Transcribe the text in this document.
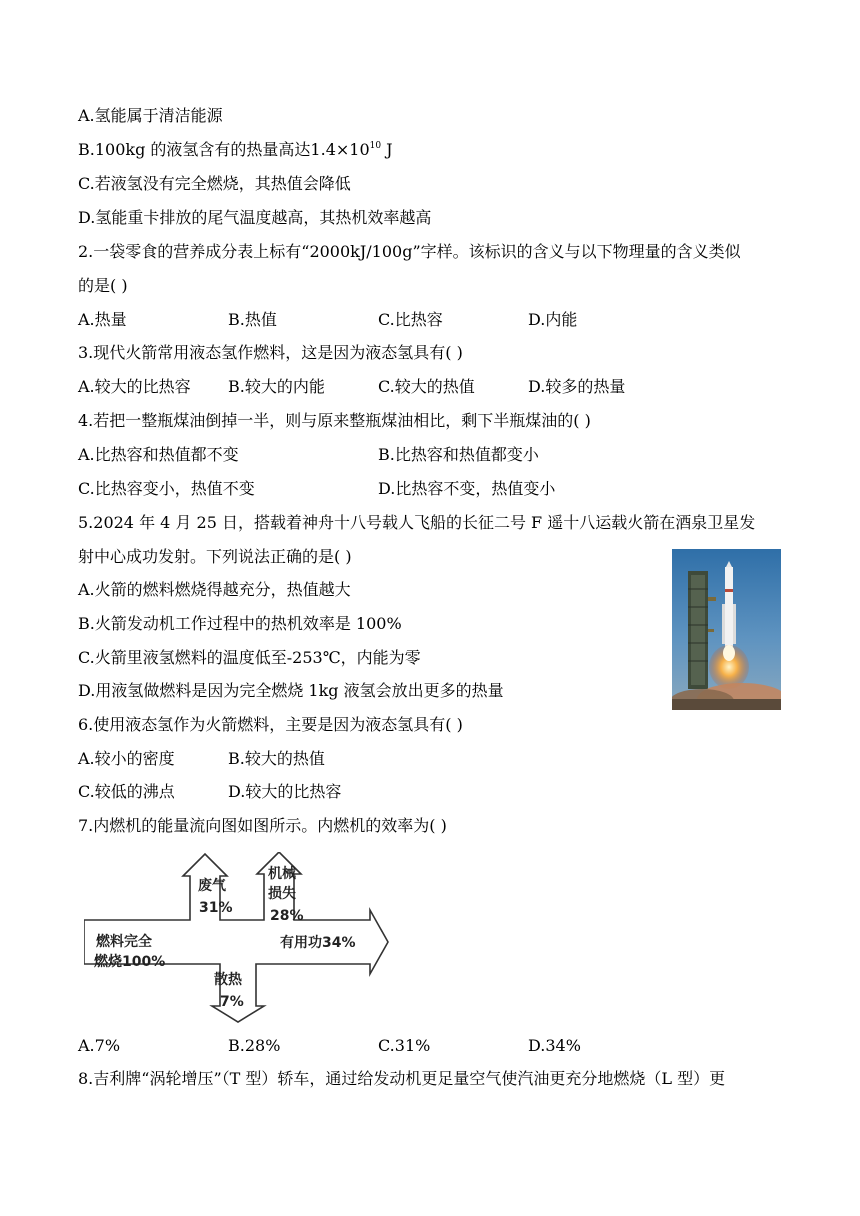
A.氢能属于清洁能源
B.100kg 的液氢含有的热量高达$1.4\times 10^{10}$ J
C.若液氢没有完全燃烧，其热值会降低
D.氢能重卡排放的尾气温度越高，其热机效率越高
2.一袋零食的营养成分表上标有“2000kJ/100g”字样。该标识的含义与以下物理量的含义类似
的是( )
A.热量	B.热值	C.比热容	D.内能
3.现代火箭常用液态氢作燃料，这是因为液态氢具有( )
A.较大的比热容 B.较大的内能	C.较大的热值	D.较多的热量
4.若把一整瓶煤油倒掉一半，则与原来整瓶煤油相比，剩下半瓶煤油的( )
A.比热容和热值都不变	B.比热容和热值都变小
C.比热容变小，热值不变	D.比热容不变，热值变小
5.2024 年 4 月 25 日，搭载着神舟十八号载人飞船的长征二号 F 遥十八运载火箭在酒泉卫星发
射中心成功发射。下列说法正确的是( )
A.火箭的燃料燃烧得越充分，热值越大
B.火箭发动机工作过程中的热机效率是 100%
C.火箭里液氢燃料的温度低至-253℃，内能为零
D.用液氢做燃料是因为完全燃烧 1kg 液氢会放出更多的热量
6.使用液态氢作为火箭燃料，主要是因为液态氢具有( )
A.较小的密度	B.较大的热值
C.较低的沸点	D.较大的比热容
7.内燃机的能量流向图如图所示。内燃机的效率为( )
燃料完全
燃烧100%
废气
31%
机械
损失
28%
有用功34%
散热
7%
A.7%	B.28%	C.31%	D.34%
8.吉利牌“涡轮增压”（T 型）轿车，通过给发动机更足量空气使汽油更充分地燃烧（L 型）更
